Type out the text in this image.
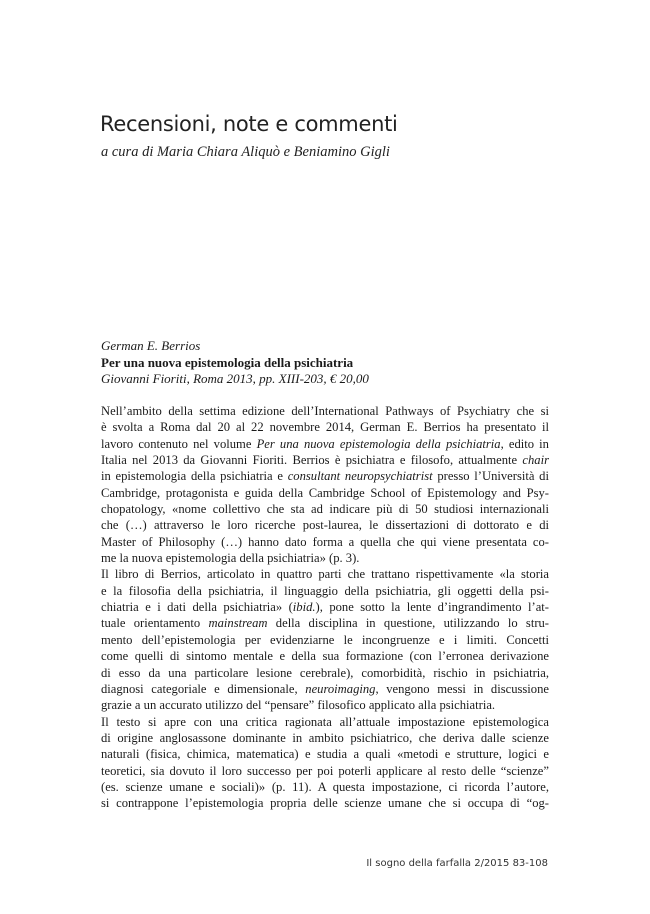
Recensioni, note e commenti
a cura di Maria Chiara Aliquò e Beniamino Gigli
German E. Berrios
Per una nuova epistemologia della psichiatria
Giovanni Fioriti, Roma 2013, pp. XIII-203, € 20,00

Nell’ambito della settima edizione dell’International Pathways of Psychiatry che si
è svolta a Roma dal 20 al 22 novembre 2014, German E. Berrios ha presentato il
lavoro contenuto nel volume Per una nuova epistemologia della psichiatria, edito in
Italia nel 2013 da Giovanni Fioriti. Berrios è psichiatra e filosofo, attualmente chair
in epistemologia della psichiatria e consultant neuropsychiatrist presso l’Università di
Cambridge, protagonista e guida della Cambridge School of Epistemology and Psy-
chopatology, «nome collettivo che sta ad indicare più di 50 studiosi internazionali
che (…) attraverso le loro ricerche post-laurea, le dissertazioni di dottorato e di
Master of Philosophy (…) hanno dato forma a quella che qui viene presentata co-
me la nuova epistemologia della psichiatria» (p. 3).

Il libro di Berrios, articolato in quattro parti che trattano rispettivamente «la storia
e la filosofia della psichiatria, il linguaggio della psichiatria, gli oggetti della psi-
chiatria e i dati della psichiatria» (ibid.), pone sotto la lente d’ingrandimento l’at-
tuale orientamento mainstream della disciplina in questione, utilizzando lo stru-
mento dell’epistemologia per evidenziarne le incongruenze e i limiti. Concetti
come quelli di sintomo mentale e della sua formazione (con l’erronea derivazione
di esso da una particolare lesione cerebrale), comorbidità, rischio in psichiatria,
diagnosi categoriale e dimensionale, neuroimaging, vengono messi in discussione
grazie a un accurato utilizzo del “pensare” filosofico applicato alla psichiatria.

Il testo si apre con una critica ragionata all’attuale impostazione epistemologica
di origine anglosassone dominante in ambito psichiatrico, che deriva dalle scienze
naturali (fisica, chimica, matematica) e studia a quali «metodi e strutture, logici e
teoretici, sia dovuto il loro successo per poi poterli applicare al resto delle “scienze”
(es. scienze umane e sociali)» (p. 11). A questa impostazione, ci ricorda l’autore,
si contrappone l’epistemologia propria delle scienze umane che si occupa di “og-

Il sogno della farfalla 2/2015 83-108
